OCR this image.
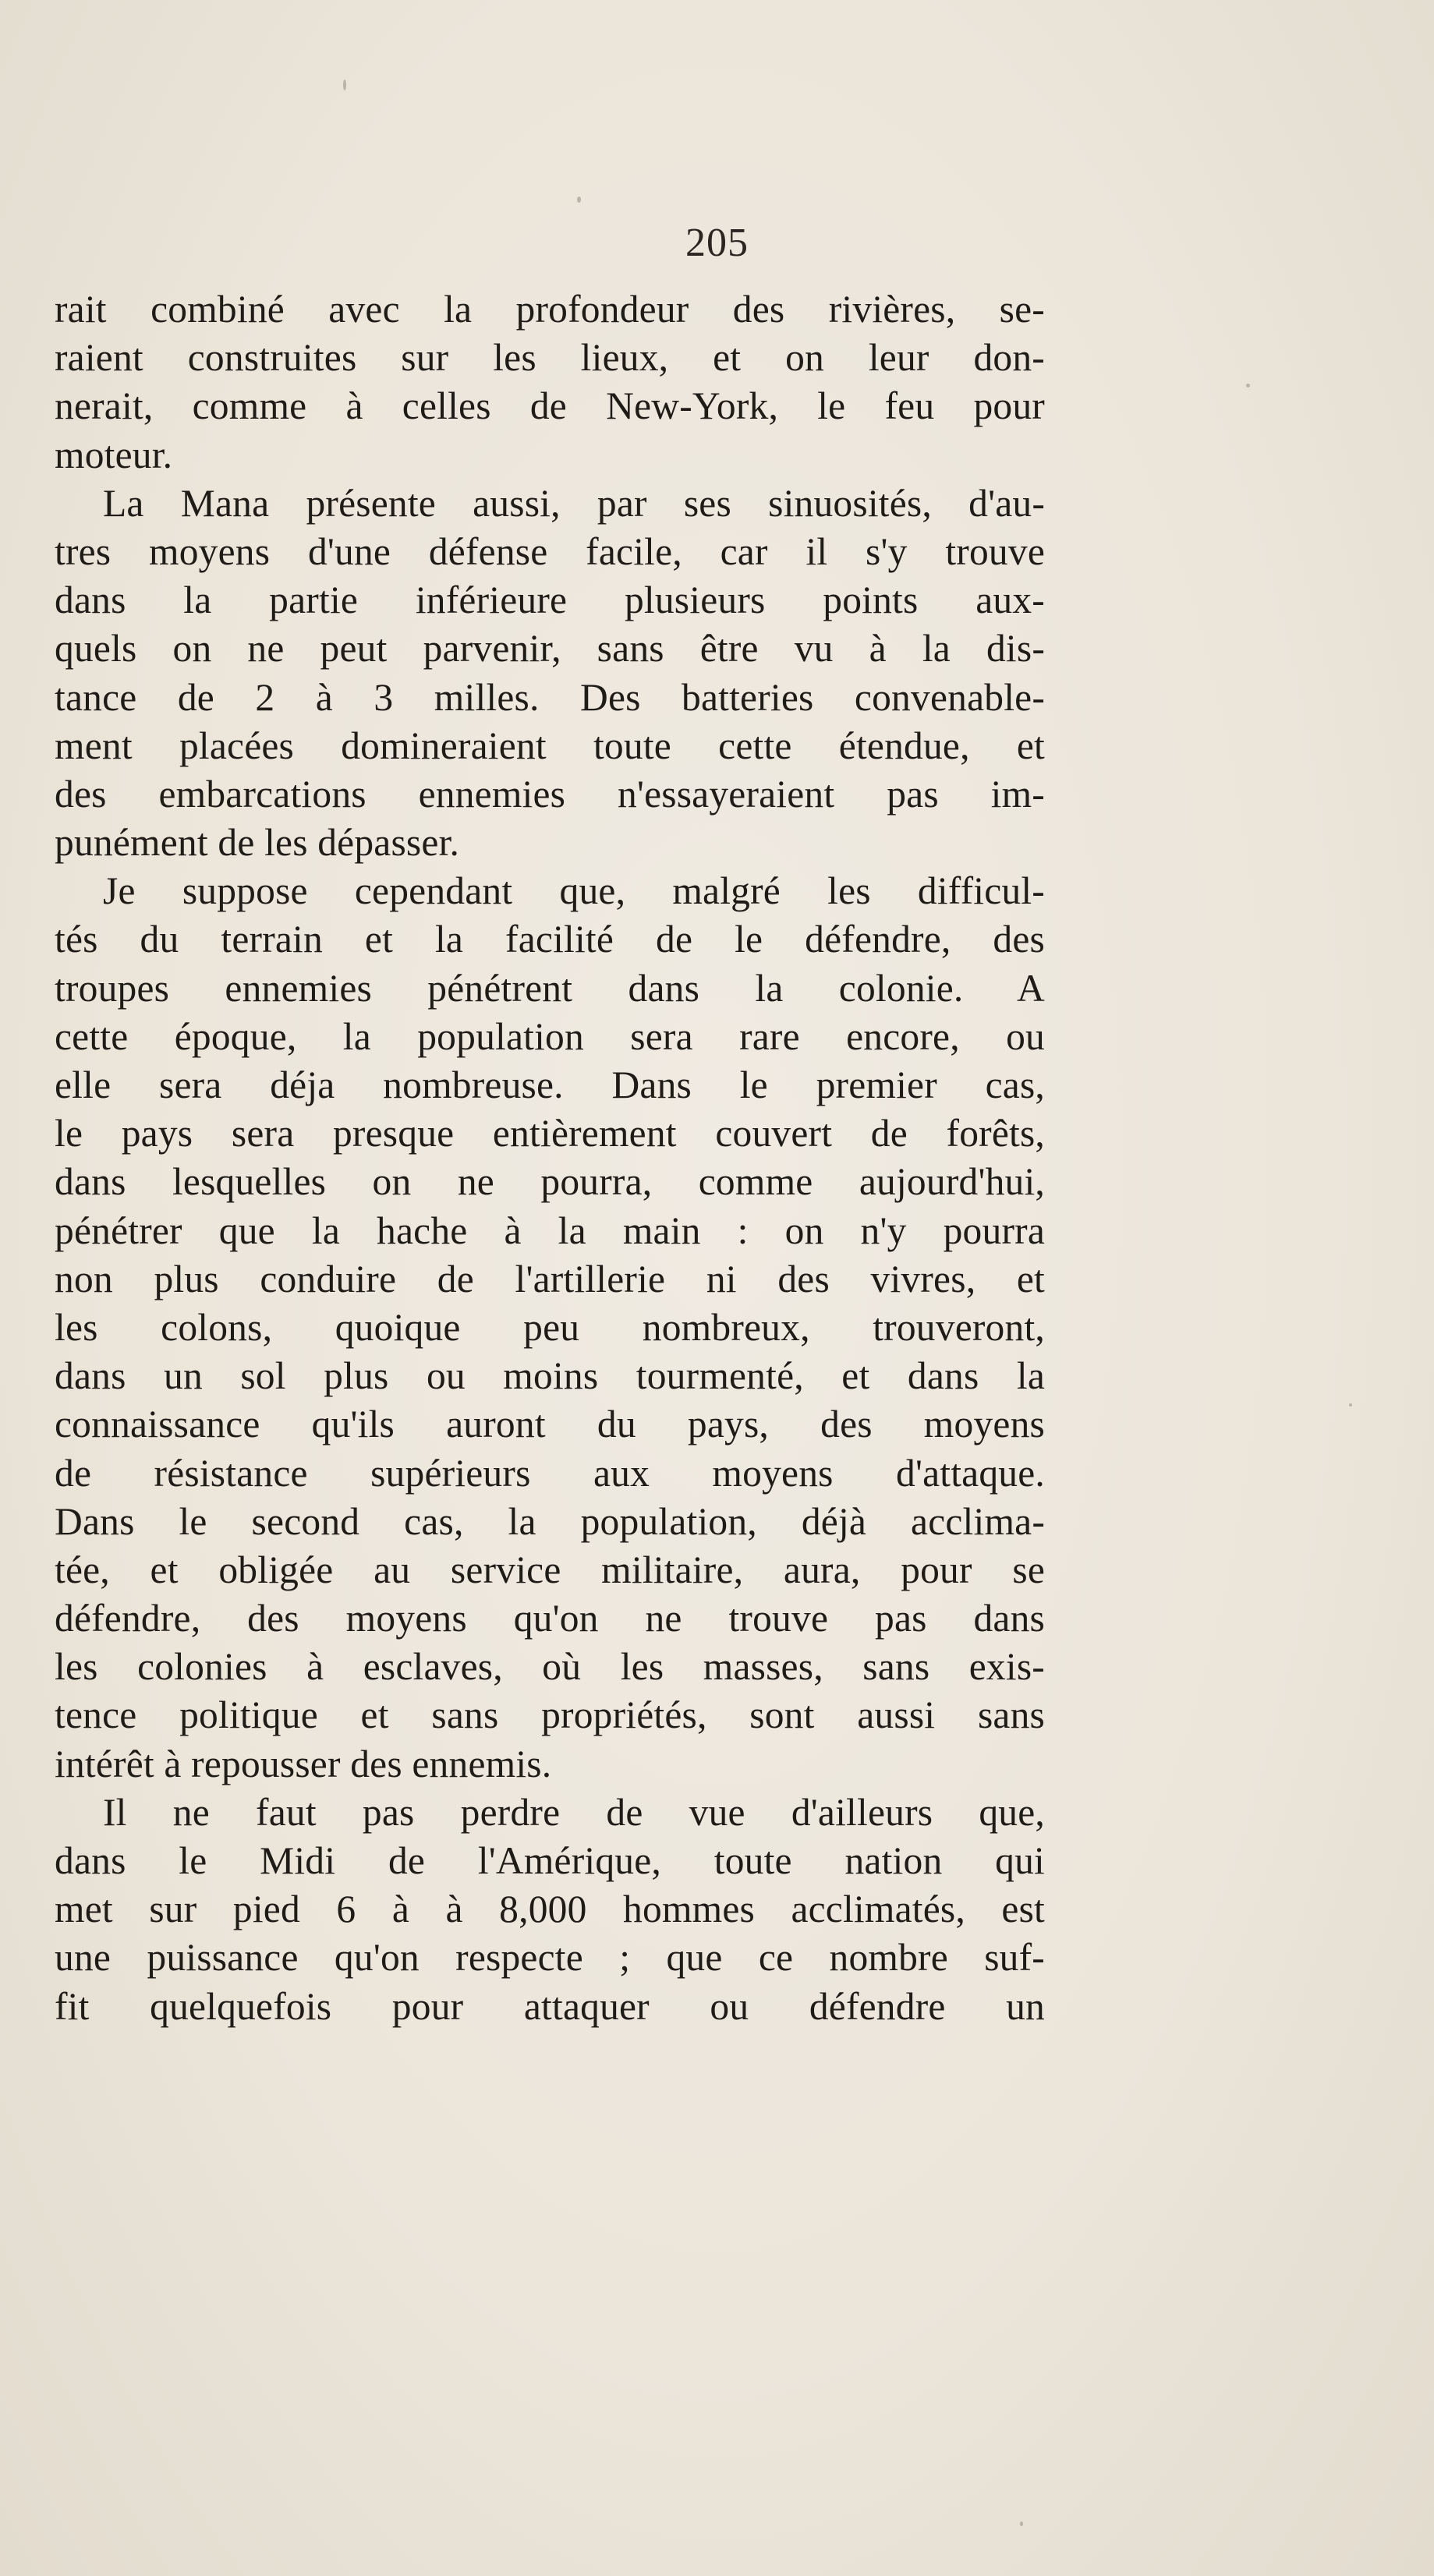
205
rait combiné avec la profondeur des rivières, se-
raient construites sur les lieux, et on leur don-
nerait, comme à celles de New-York, le feu pour
moteur.
La Mana présente aussi, par ses sinuosités, d'au-
tres moyens d'une défense facile, car il s'y trouve
dans la partie inférieure plusieurs points aux-
quels on ne peut parvenir, sans être vu à la dis-
tance de 2 à 3 milles. Des batteries convenable-
ment placées domineraient toute cette étendue, et
des embarcations ennemies n'essayeraient pas im-
punément de les dépasser.
Je suppose cependant que, malgré les difficul-
tés du terrain et la facilité de le défendre, des
troupes ennemies pénétrent dans la colonie. A
cette époque, la population sera rare encore, ou
elle sera déja nombreuse. Dans le premier cas,
le pays sera presque entièrement couvert de forêts,
dans lesquelles on ne pourra, comme aujourd'hui,
pénétrer que la hache à la main : on n'y pourra
non plus conduire de l'artillerie ni des vivres, et
les colons, quoique peu nombreux, trouveront,
dans un sol plus ou moins tourmenté, et dans la
connaissance qu'ils auront du pays, des moyens
de résistance supérieurs aux moyens d'attaque.
Dans le second cas, la population, déjà acclima-
tée, et obligée au service militaire, aura, pour se
défendre, des moyens qu'on ne trouve pas dans
les colonies à esclaves, où les masses, sans exis-
tence politique et sans propriétés, sont aussi sans
intérêt à repousser des ennemis.
Il ne faut pas perdre de vue d'ailleurs que,
dans le Midi de l'Amérique, toute nation qui
met sur pied 6 à à 8,000 hommes acclimatés, est
une puissance qu'on respecte ; que ce nombre suf-
fit quelquefois pour attaquer ou défendre un
